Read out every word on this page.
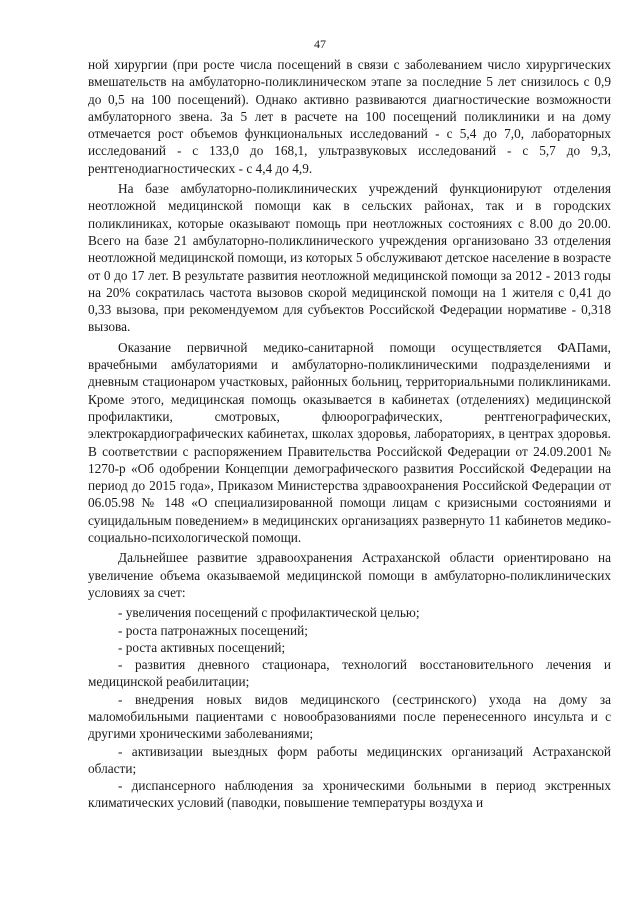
47

ной хирургии (при росте числа посещений в связи с заболеванием число хирургических вмешательств на амбулаторно-поликлиническом этапе за последние 5 лет снизилось с 0,9 до 0,5 на 100 посещений). Однако активно развиваются диагностические возможности амбулаторного звена. За 5 лет в расчете на 100 посещений поликлиники и на дому отмечается рост объемов функциональных исследований - с 5,4 до 7,0, лабораторных исследований - с 133,0 до 168,1, ультразвуковых исследований - с 5,7 до 9,3, рентгенодиагностических - с 4,4 до 4,9.

На базе амбулаторно-поликлинических учреждений функционируют отделения неотложной медицинской помощи как в сельских районах, так и в городских поликлиниках, которые оказывают помощь при неотложных состояниях с 8.00 до 20.00. Всего на базе 21 амбулаторно-поликлинического учреждения организовано 33 отделения неотложной медицинской помощи, из которых 5 обслуживают детское население в возрасте от 0 до 17 лет. В результате развития неотложной медицинской помощи за 2012 - 2013 годы на 20% сократилась частота вызовов скорой медицинской помощи на 1 жителя с 0,41 до 0,33 вызова, при рекомендуемом для субъектов Российской Федерации нормативе - 0,318 вызова.

Оказание первичной медико-санитарной помощи осуществляется ФАПами, врачебными амбулаториями и амбулаторно-поликлиническими подразделениями и дневным стационаром участковых, районных больниц, территориальными поликлиниками. Кроме этого, медицинская помощь оказывается в кабинетах (отделениях) медицинской профилактики, смотровых, флюорографических, рентгенографических, электрокардиографических кабинетах, школах здоровья, лабораториях, в центрах здоровья. В соответствии с распоряжением Правительства Российской Федерации от 24.09.2001 № 1270-р «Об одобрении Концепции демографического развития Российской Федерации на период до 2015 года», Приказом Министерства здравоохранения Российской Федерации от 06.05.98 № 148 «О специализированной помощи лицам с кризисными состояниями и суицидальным поведением» в медицинских организациях развернуто 11 кабинетов медико-социально-психологической помощи.

Дальнейшее развитие здравоохранения Астраханской области ориентировано на увеличение объема оказываемой медицинской помощи в амбулаторно-поликлинических условиях за счет:

- увеличения посещений с профилактической целью;

- роста патронажных посещений;

- роста активных посещений;

- развития дневного стационара, технологий восстановительного лечения и медицинской реабилитации;

- внедрения новых видов медицинского (сестринского) ухода на дому за маломобильными пациентами с новообразованиями после перенесенного инсульта и с другими хроническими заболеваниями;

- активизации выездных форм работы медицинских организаций Астраханской области;

- диспансерного наблюдения за хроническими больными в период экстренных климатических условий (паводки, повышение температуры воздуха и
